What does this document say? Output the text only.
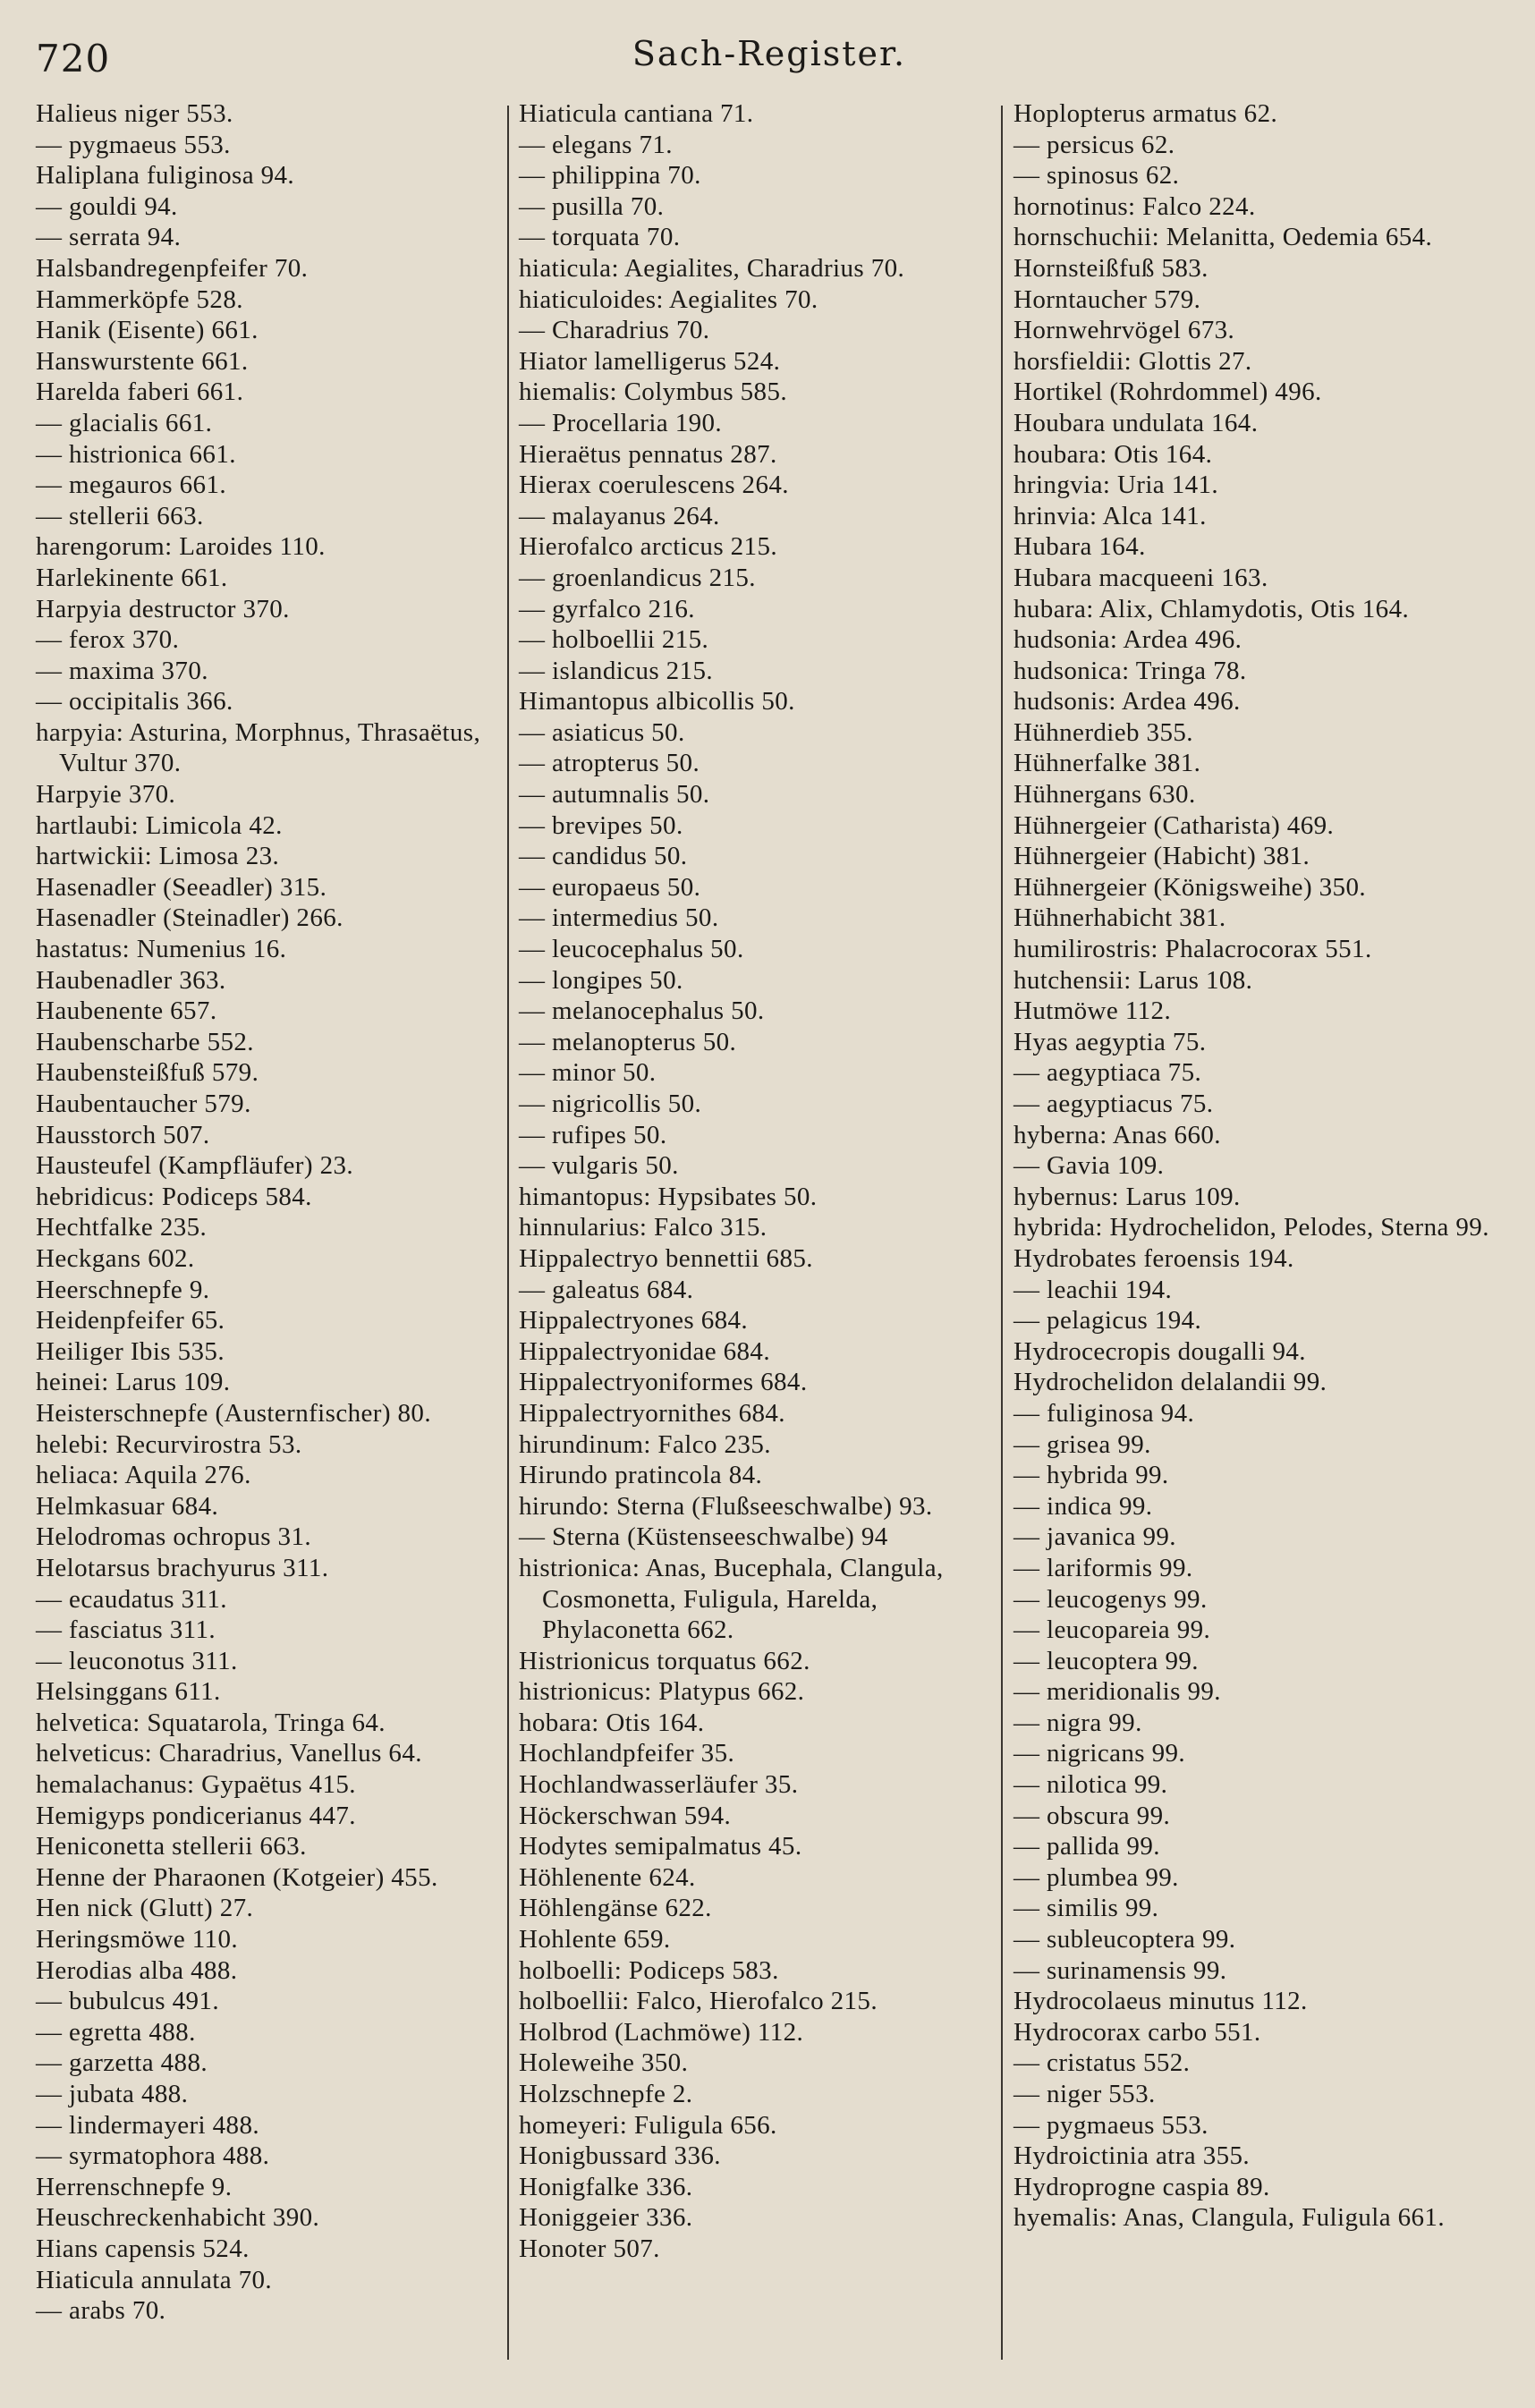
720	Sach-Register.
Halieus niger 553.
— pygmaeus 553.
Haliplana fuliginosa 94.
— gouldi 94.
— serrata 94.
Halsbandregenpfeifer 70.
Hammerköpfe 528.
Hanik (Eisente) 661.
Hanswurstente 661.
Harelda faberi 661.
— glacialis 661.
— histrionica 661.
— megauros 661.
— stellerii 663.
harengorum: Laroides 110.
Harlekinente 661.
Harpyia destructor 370.
— ferox 370.
— maxima 370.
— occipitalis 366.
harpyia: Asturina, Morphnus, Thrasaëtus, Vultur 370.
Harpyie 370.
hartlaubi: Limicola 42.
hartwickii: Limosa 23.
Hasenadler (Seeadler) 315.
Hasenadler (Steinadler) 266.
hastatus: Numenius 16.
Haubenadler 363.
Haubenente 657.
Haubenscharbe 552.
Haubensteißfuß 579.
Haubentaucher 579.
Hausstorch 507.
Hausteufel (Kampfläufer) 23.
hebridicus: Podiceps 584.
Hechtfalke 235.
Heckgans 602.
Heerschnepfe 9.
Heidenpfeifer 65.
Heiliger Ibis 535.
heinei: Larus 109.
Heisterschnepfe (Austernfischer) 80.
helebi: Recurvirostra 53.
heliaca: Aquila 276.
Helmkasuar 684.
Helodromas ochropus 31.
Helotarsus brachyurus 311.
— ecaudatus 311.
— fasciatus 311.
— leuconotus 311.
Helsinggans 611.
helvetica: Squatarola, Tringa 64.
helveticus: Charadrius, Vanellus 64.
hemalachanus: Gypaëtus 415.
Hemigyps pondicerianus 447.
Heniconetta stellerii 663.
Henne der Pharaonen (Kotgeier) 455.
Hen nick (Glutt) 27.
Heringsmöwe 110.
Herodias alba 488.
— bubulcus 491.
— egretta 488.
— garzetta 488.
— jubata 488.
— lindermayeri 488.
— syrmatophora 488.
Herrenschnepfe 9.
Heuschreckenhabicht 390.
Hians capensis 524.
Hiaticula annulata 70.
— arabs 70.
Hiaticula cantiana 71.
— elegans 71.
— philippina 70.
— pusilla 70.
— torquata 70.
hiaticula: Aegialites, Charadrius 70.
hiaticuloides: Aegialites 70.
— Charadrius 70.
Hiator lamelligerus 524.
hiemalis: Colymbus 585.
— Procellaria 190.
Hieraëtus pennatus 287.
Hierax coerulescens 264.
— malayanus 264.
Hierofalco arcticus 215.
— groenlandicus 215.
— gyrfalco 216.
— holboellii 215.
— islandicus 215.
Himantopus albicollis 50.
— asiaticus 50.
— atropterus 50.
— autumnalis 50.
— brevipes 50.
— candidus 50.
— europaeus 50.
— intermedius 50.
— leucocephalus 50.
— longipes 50.
— melanocephalus 50.
— melanopterus 50.
— minor 50.
— nigricollis 50.
— rufipes 50.
— vulgaris 50.
himantopus: Hypsibates 50.
hinnularius: Falco 315.
Hippalectryo bennettii 685.
— galeatus 684.
Hippalectryones 684.
Hippalectryonidae 684.
Hippalectryoniformes 684.
Hippalectryornithes 684.
hirundinum: Falco 235.
Hirundo pratincola 84.
hirundo: Sterna (Flußseeschwalbe) 93.
— Sterna (Küstenseeschwalbe) 94
histrionica: Anas, Bucephala, Clangula, Cosmonetta, Fuligula, Harelda, Phylaconetta 662.
Histrionicus torquatus 662.
histrionicus: Platypus 662.
hobara: Otis 164.
Hochlandpfeifer 35.
Hochlandwasserläufer 35.
Höckerschwan 594.
Hodytes semipalmatus 45.
Höhlenente 624.
Höhlengänse 622.
Hohlente 659.
holboelli: Podiceps 583.
holboellii: Falco, Hierofalco 215.
Holbrod (Lachmöwe) 112.
Holeweihe 350.
Holzschnepfe 2.
homeyeri: Fuligula 656.
Honigbussard 336.
Honigfalke 336.
Honiggeier 336.
Honoter 507.
Hoplopterus armatus 62.
— persicus 62.
— spinosus 62.
hornotinus: Falco 224.
hornschuchii: Melanitta, Oedemia 654.
Hornsteißfuß 583.
Horntaucher 579.
Hornwehrvögel 673.
horsfieldii: Glottis 27.
Hortikel (Rohrdommel) 496.
Houbara undulata 164.
houbara: Otis 164.
hringvia: Uria 141.
hrinvia: Alca 141.
Hubara 164.
Hubara macqueeni 163.
hubara: Alix, Chlamydotis, Otis 164.
hudsonia: Ardea 496.
hudsonica: Tringa 78.
hudsonis: Ardea 496.
Hühnerdieb 355.
Hühnerfalke 381.
Hühnergans 630.
Hühnergeier (Catharista) 469.
Hühnergeier (Habicht) 381.
Hühnergeier (Königsweihe) 350.
Hühnerhabicht 381.
humilirostris: Phalacrocorax 551.
hutchensii: Larus 108.
Hutmöwe 112.
Hyas aegyptia 75.
— aegyptiaca 75.
— aegyptiacus 75.
hyberna: Anas 660.
— Gavia 109.
hybernus: Larus 109.
hybrida: Hydrochelidon, Pelodes, Sterna 99.
Hydrobates feroensis 194.
— leachii 194.
— pelagicus 194.
Hydrocecropis dougalli 94.
Hydrochelidon delalandii 99.
— fuliginosa 94.
— grisea 99.
— hybrida 99.
— indica 99.
— javanica 99.
— lariformis 99.
— leucogenys 99.
— leucopareia 99.
— leucoptera 99.
— meridionalis 99.
— nigra 99.
— nigricans 99.
— nilotica 99.
— obscura 99.
— pallida 99.
— plumbea 99.
— similis 99.
— subleucoptera 99.
— surinamensis 99.
Hydrocolaeus minutus 112.
Hydrocorax carbo 551.
— cristatus 552.
— niger 553.
— pygmaeus 553.
Hydroictinia atra 355.
Hydroprogne caspia 89.
hyemalis: Anas, Clangula, Fuligula 661.
